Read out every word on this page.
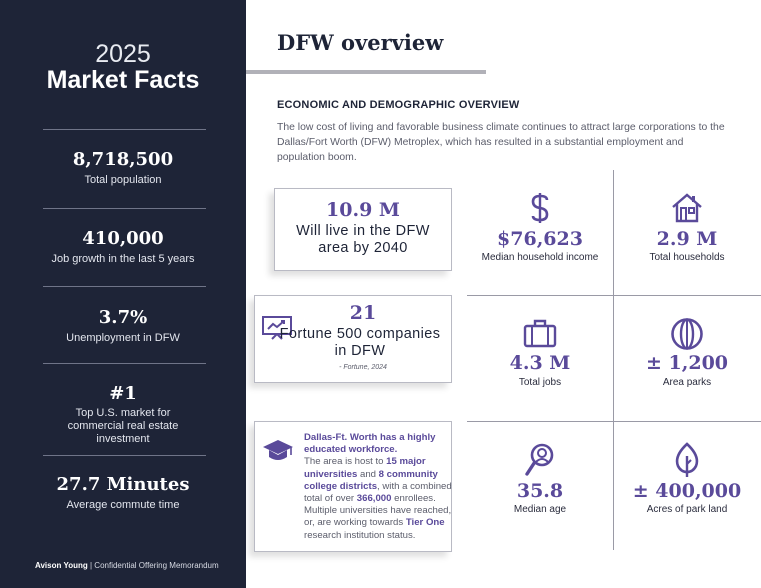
2025
Market Facts
8,718,500
Total population
410,000
Job growth in the last 5 years
3.7%
Unemployment in DFW
#1
Top U.S. market for commercial real estate investment
27.7 Minutes
Average commute time
Avison Young | Confidential Offering Memorandum
DFW overview
ECONOMIC AND DEMOGRAPHIC OVERVIEW
The low cost of living and favorable business climate continues to attract large corporations to the Dallas/Fort Worth (DFW) Metroplex, which has resulted in a substantial employment and population boom.
10.9 M
Will live in the DFW area by 2040
21
Fortune 500 companies in DFW
- Fortune, 2024
Dallas-Ft. Worth has a highly educated workforce.
The area is host to 15 major universities and 8 community college districts, with a combined total of over 366,000 enrollees. Multiple universities have reached, or, are working towards Tier One research institution status.
$76,623
Median household income
2.9 M
Total households
4.3 M
Total jobs
± 1,200
Area parks
35.8
Median age
± 400,000
Acres of park land
